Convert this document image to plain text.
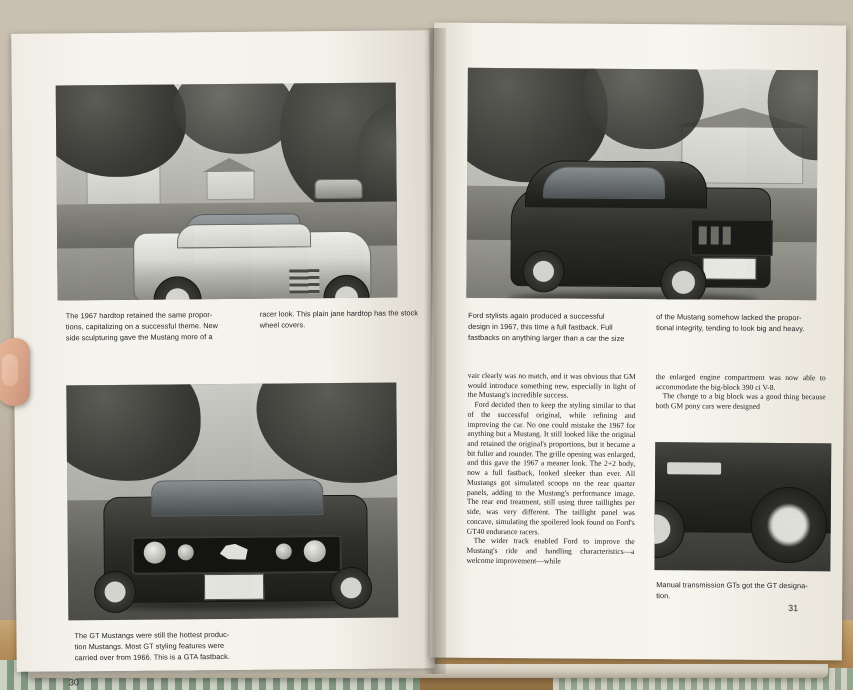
The 1967 hardtop retained the same propor-
tions, capitalizing on a successful theme. New
side sculpturing gave the Mustang more of a
racer look. This plain jane hardtop has the stock
wheel covers.
The GT Mustangs were still the hottest produc-
tion Mustangs. Most GT styling features were
carried over from 1966. This is a GTA fastback.
30
Ford stylists again produced a successful
design in 1967, this time a full fastback. Full
fastbacks on anything larger than a car the size
of the Mustang somehow lacked the propor-
tional integrity, tending to look big and heavy.

vair clearly was no match, and it was obvious that GM would introduce something new, especially in light of the Mustang's incredible success.

Ford decided then to keep the styling similar to that of the successful original, while refining and improving the car. No one could mistake the 1967 for anything but a Mustang. It still looked like the original and retained the original's proportions, but it became a bit fuller and rounder. The grille opening was enlarged, and this gave the 1967 a meaner look. The 2+2 body, now a full fastback, looked sleeker than ever. All Mustangs got simulated scoops on the rear quarter panels, adding to the Mustang's performance image. The rear end treatment, still using three taillights per side, was very different. The taillight panel was concave, simulating the spoilered look found on Ford's GT40 endurance racers.

The wider track enabled Ford to improve the Mustang's ride and handling characteristics—a welcome improvement—while

the enlarged engine compartment was now able to accommodate the big-block 390 ci V-8.

The change to a big block was a good thing because both GM pony cars were designed

Manual transmission GTs got the GT designa-
tion.
31
